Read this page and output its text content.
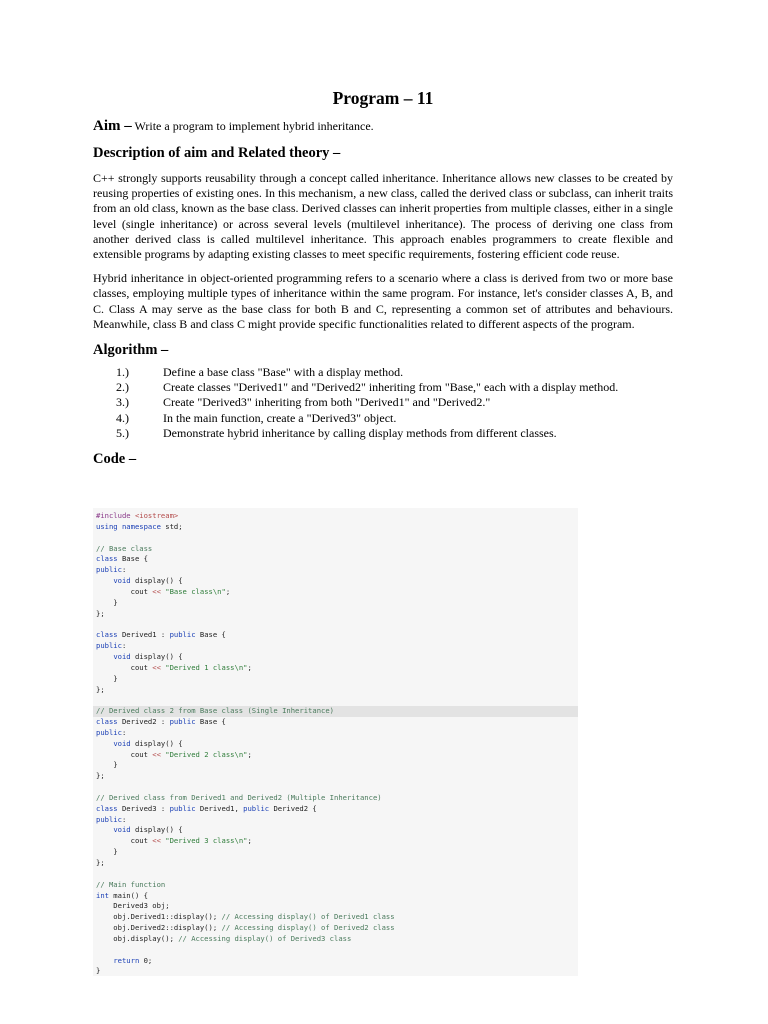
Program – 11
Aim – Write a program to implement hybrid inheritance.
Description of aim and Related theory –

C++ strongly supports reusability through a concept called inheritance. Inheritance allows new classes to be created by reusing properties of existing ones. In this mechanism, a new class, called the derived class or subclass, can inherit traits from an old class, known as the base class. Derived classes can inherit properties from multiple classes, either in a single level (single inheritance) or across several levels (multilevel inheritance). The process of deriving one class from another derived class is called multilevel inheritance. This approach enables programmers to create flexible and extensible programs by adapting existing classes to meet specific requirements, fostering efficient code reuse.

Hybrid inheritance in object-oriented programming refers to a scenario where a class is derived from two or more base classes, employing multiple types of inheritance within the same program. For instance, let's consider classes A, B, and C. Class A may serve as the base class for both B and C, representing a common set of attributes and behaviours. Meanwhile, class B and class C might provide specific functionalities related to different aspects of the program.

Algorithm –
1.)	Define a base class "Base" with a display method.
2.)	Create classes "Derived1" and "Derived2" inheriting from "Base," each with a display method.
3.)	Create "Derived3" inheriting from both "Derived1" and "Derived2."
4.)	In the main function, create a "Derived3" object.
5.)	Demonstrate hybrid inheritance by calling display methods from different classes.
Code –
#include <iostream>
using namespace std;

// Base class
class Base {
public:
void display() {
cout << "Base class\n";
}
};

class Derived1 : public Base {
public:
void display() {
cout << "Derived 1 class\n";
}
};

// Derived class 2 from Base class (Single Inheritance)
class Derived2 : public Base {
public:
void display() {
cout << "Derived 2 class\n";
}
};

// Derived class from Derived1 and Derived2 (Multiple Inheritance)
class Derived3 : public Derived1, public Derived2 {
public:
void display() {
cout << "Derived 3 class\n";
}
};

// Main function
int main() {
Derived3 obj;
obj.Derived1::display(); // Accessing display() of Derived1 class
obj.Derived2::display(); // Accessing display() of Derived2 class
obj.display(); // Accessing display() of Derived3 class

return 0;
}
